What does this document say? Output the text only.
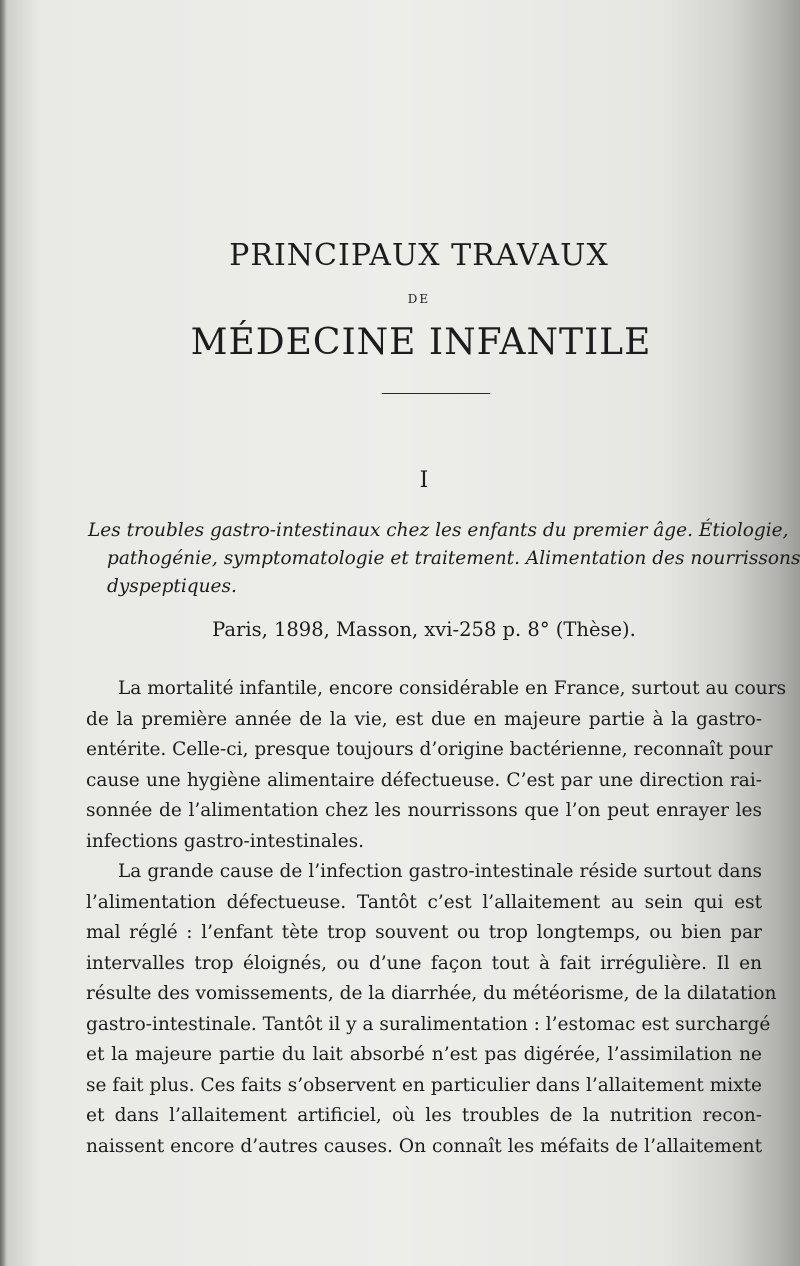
PRINCIPAUX TRAVAUX
DE
MÉDECINE INFANTILE
I
Les troubles gastro-intestinaux chez les enfants du premier âge. Étiologie,
pathogénie, symptomatologie et traitement. Alimentation des nourrissons
dyspeptiques.
Paris, 1898, Masson, xvi-258 p. 8° (Thèse).
La mortalité infantile, encore considérable en France, surtout au cours
de la première année de la vie, est due en majeure partie à la gastro-
entérite. Celle-ci, presque toujours d’origine bactérienne, reconnaît pour
cause une hygiène alimentaire défectueuse. C’est par une direction rai-
sonnée de l’alimentation chez les nourrissons que l’on peut enrayer les
infections gastro-intestinales.
La grande cause de l’infection gastro-intestinale réside surtout dans
l’alimentation défectueuse. Tantôt c’est l’allaitement au sein qui est
mal réglé : l’enfant tète trop souvent ou trop longtemps, ou bien par
intervalles trop éloignés, ou d’une façon tout à fait irrégulière. Il en
résulte des vomissements, de la diarrhée, du météorisme, de la dilatation
gastro-intestinale. Tantôt il y a suralimentation : l’estomac est surchargé
et la majeure partie du lait absorbé n’est pas digérée, l’assimilation ne
se fait plus. Ces faits s’observent en particulier dans l’allaitement mixte
et dans l’allaitement artificiel, où les troubles de la nutrition recon-
naissent encore d’autres causes. On connaît les méfaits de l’allaitement
